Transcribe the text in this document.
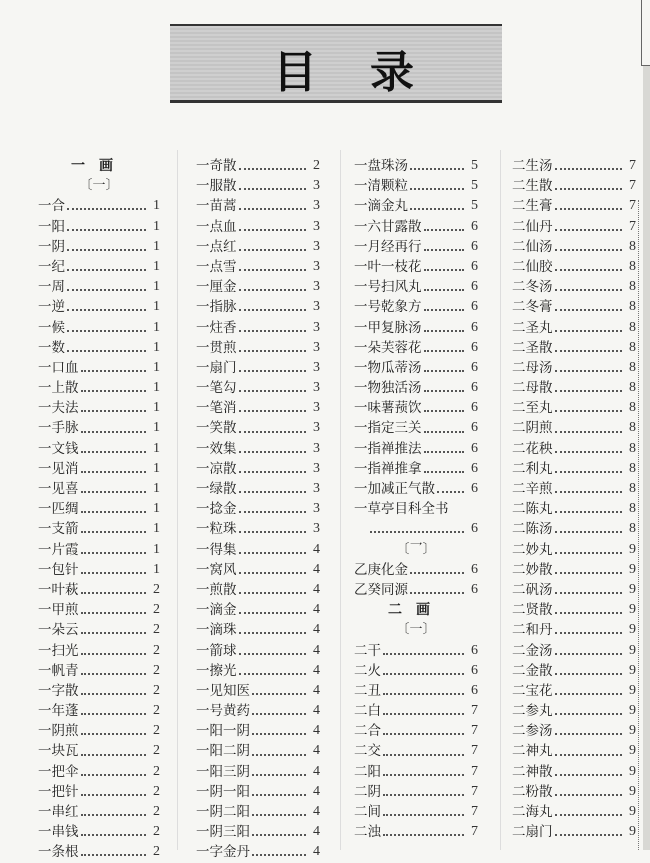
目 录
一画
〔一〕
一合	1
一阳	1
一阴	1
一纪	1
一周	1
一逆	1
一候	1
一数	1
一口血	1
一上散	1
一夫法	1
一手脉	1
一文钱	1
一见消	1
一见喜	1
一匹绸	1
一支箭	1
一片霞	1
一包针	1
一叶萩	2
一甲煎	2
一朵云	2
一扫光	2
一帆青	2
一字散	2
一年蓬	2
一阴煎	2
一块瓦	2
一把伞	2
一把针	2
一串红	2
一串钱	2
一条根	2
一奇散	2
一服散	3
一苗蒿	3
一点血	3
一点红	3
一点雪	3
一厘金	3
一指脉	3
一炷香	3
一贯煎	3
一扇门	3
一笔勾	3
一笔消	3
一笑散	3
一效集	3
一凉散	3
一绿散	3
一捻金	3
一粒珠	3
一得集	4
一窝风	4
一煎散	4
一滴金	4
一滴珠	4
一箭球	4
一擦光	4
一见知医	4
一号黄药	4
一阳一阴	4
一阳二阴	4
一阳三阴	4
一阴一阳	4
一阴二阳	4
一阴三阳	4
一字金丹	4
一盘珠汤	5
一清颗粒	5
一滴金丸	5
一六甘露散	6
一月经再行	6
一叶一枝花	6
一号扫风丸	6
一号乾象方	6
一甲复脉汤	6
一朵芙蓉花	6
一物瓜蒂汤	6
一物独活汤	6
一味薯蓣饮	6
一指定三关	6
一指禅推法	6
一指禅推拿	6
一加减正气散	6
一草亭目科全书
6
〔乛〕
乙庚化金	6
乙癸同源	6
二画
〔一〕
二干	6
二火	6
二丑	6
二白	7
二合	7
二交	7
二阳	7
二阴	7
二间	7
二浊	7
二生汤	7
二生散	7
二生膏	7
二仙丹	7
二仙汤	8
二仙胶	8
二冬汤	8
二冬膏	8
二圣丸	8
二圣散	8
二母汤	8
二母散	8
二至丸	8
二阴煎	8
二花秧	8
二利丸	8
二辛煎	8
二陈丸	8
二陈汤	8
二妙丸	9
二妙散	9
二矾汤	9
二贤散	9
二和丹	9
二金汤	9
二金散	9
二宝花	9
二参丸	9
二参汤	9
二神丸	9
二神散	9
二粉散	9
二海丸	9
二扇门	9
